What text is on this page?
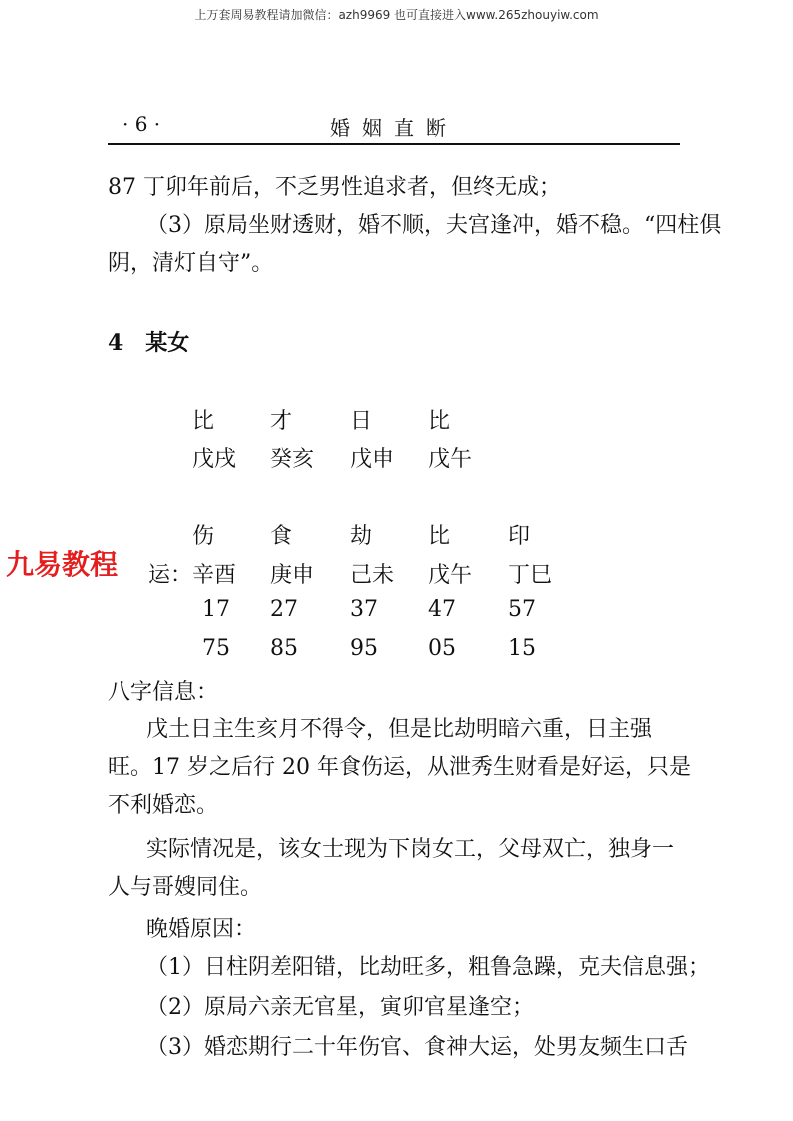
上万套周易教程请加微信：azh9969 也可直接进入www.265zhouyiw.com
· 6 ·	婚姻直断
87 丁卯年前后，不乏男性追求者，但终无成；
（3）原局坐财透财，婚不顺，夫宫逢冲，婚不稳。“四柱俱
阴，清灯自守”。
4　某女
比	才	日	比
戊戌 癸亥 戊申 戊午
伤	食	劫	比	印
九易教程 运： 辛酉 庚申 己未 戊午 丁巳
17 27 37 47 57
75 85 95 05 15
八字信息：
戊土日主生亥月不得令，但是比劫明暗六重，日主强
旺。17 岁之后行 20 年食伤运，从泄秀生财看是好运，只是
不利婚恋。
实际情况是，该女士现为下岗女工，父母双亡，独身一
人与哥嫂同住。
晚婚原因：
（1）日柱阴差阳错，比劫旺多，粗鲁急躁，克夫信息强；
（2）原局六亲无官星，寅卯官星逢空；
（3）婚恋期行二十年伤官、食神大运，处男友频生口舌
